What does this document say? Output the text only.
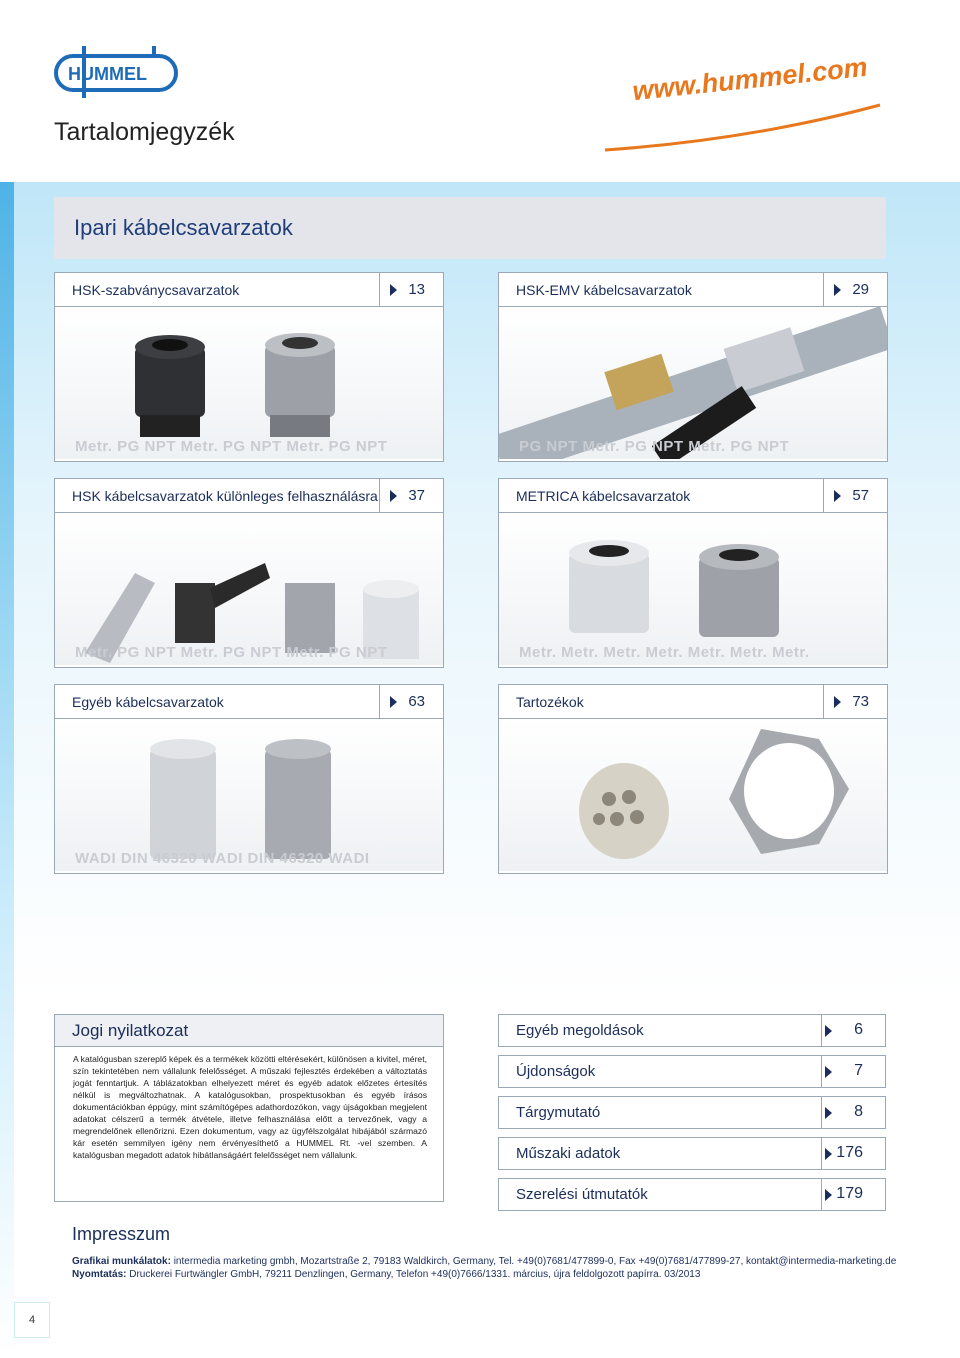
HUMMEL
Tartalomjegyzék
www.hummel.com
Ipari kábelcsavarzatok
HSK-szabványcsavarzatok	13
Metr. PG NPT Metr. PG NPT Metr. PG NPT
HSK-EMV kábelcsavarzatok	29
PG NPT Metr. PG NPT Metr. PG NPT
HSK kábelcsavarzatok különleges felhasználásra 37
Metr. PG NPT Metr. PG NPT Metr. PG NPT
METRICA kábelcsavarzatok	57
Metr. Metr. Metr. Metr. Metr. Metr. Metr.
Egyéb kábelcsavarzatok	63
WADI DIN 46320 WADI DIN 46320 WADI
Tartozékok	73
Jogi nyilatkozat
A katalógusban szereplő képek és a termékek közötti eltérésekért, különösen a kivitel, méret, szín tekintetében nem vállalunk felelősséget. A műszaki fejlesztés érdekében a változtatás jogát fenntartjuk. A táblázatokban elhelyezett méret és egyéb adatok előzetes értesítés nélkül is megváltozhatnak. A katalógusokban, prospektusokban és egyéb írásos dokumentációkban éppúgy, mint számítógépes adathordozókon, vagy újságokban megjelent adatokat célszerű a termék átvétele, illetve felhasználása előtt a tervezőnek, vagy a megrendelőnek ellenőrizni. Ezen dokumentum, vagy az ügyfélszolgálat hibájából származó kár esetén semmilyen igény nem érvényesíthető a HUMMEL Rt. -vel szemben. A katalógusban megadott adatok hibátlanságáért felelősséget nem vállalunk.
Egyéb megoldások	6
Újdonságok	7
Tárgymutató	8
Műszaki adatok	176
Szerelési útmutatók	179
Impresszum
Grafikai munkálatok: intermedia marketing gmbh, Mozartstraße 2, 79183 Waldkirch, Germany, Tel. +49(0)7681/477899-0, Fax +49(0)7681/477899-27, kontakt@intermedia-marketing.de
Nyomtatás: Druckerei Furtwängler GmbH, 79211 Denzlingen, Germany, Telefon +49(0)7666/1331. március, újra feldolgozott papírra. 03/2013
4
